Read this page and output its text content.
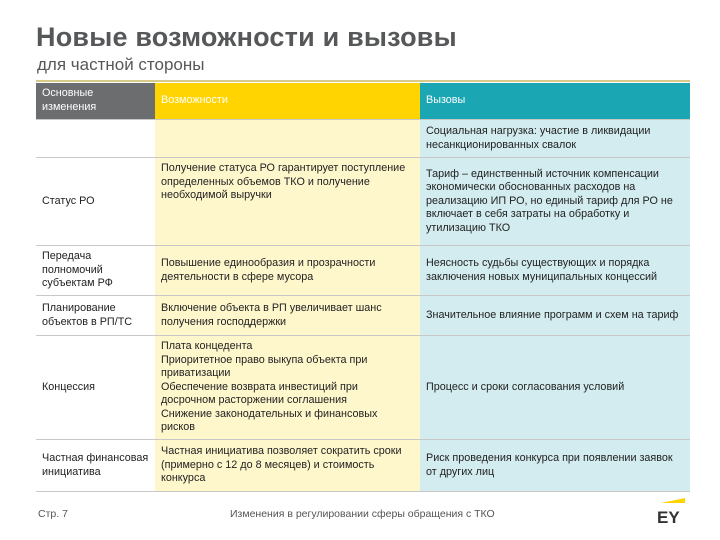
Новые возможности и вызовы
для частной стороны
Основные изменения	Возможности	Вызовы
		Социальная нагрузка: участие в ликвидации несанкционированных свалок
Статус РО	Получение статуса РО гарантирует поступление определенных объемов ТКО и получение необходимой выручки	Тариф – единственный источник компенсации экономически обоснованных расходов на реализацию ИП РО, но единый тариф для РО не включает в себя затраты на обработку и утилизацию ТКО
Передача полномочий субъектам РФ	Повышение единообразия и прозрачности деятельности в сфере мусора	Неясность судьбы существующих и порядка заключения новых муниципальных концессий
Планирование объектов в РП/ТС	Включение объекта в РП увеличивает шанс получения господдержки	Значительное влияние программ и схем на тариф
Концессия	Плата концедента
Приоритетное право выкупа объекта при приватизации
Обеспечение возврата инвестиций при досрочном расторжении соглашения
Снижение законодательных и финансовых рисков	Процесс и сроки согласования условий
Частная финансовая инициатива	Частная инициатива позволяет сократить сроки (примерно с 12 до 8 месяцев) и стоимость конкурса	Риск проведения конкурса при появлении заявок от других лиц
Стр. 7	Изменения в регулировании сферы обращения с ТКО	EY
